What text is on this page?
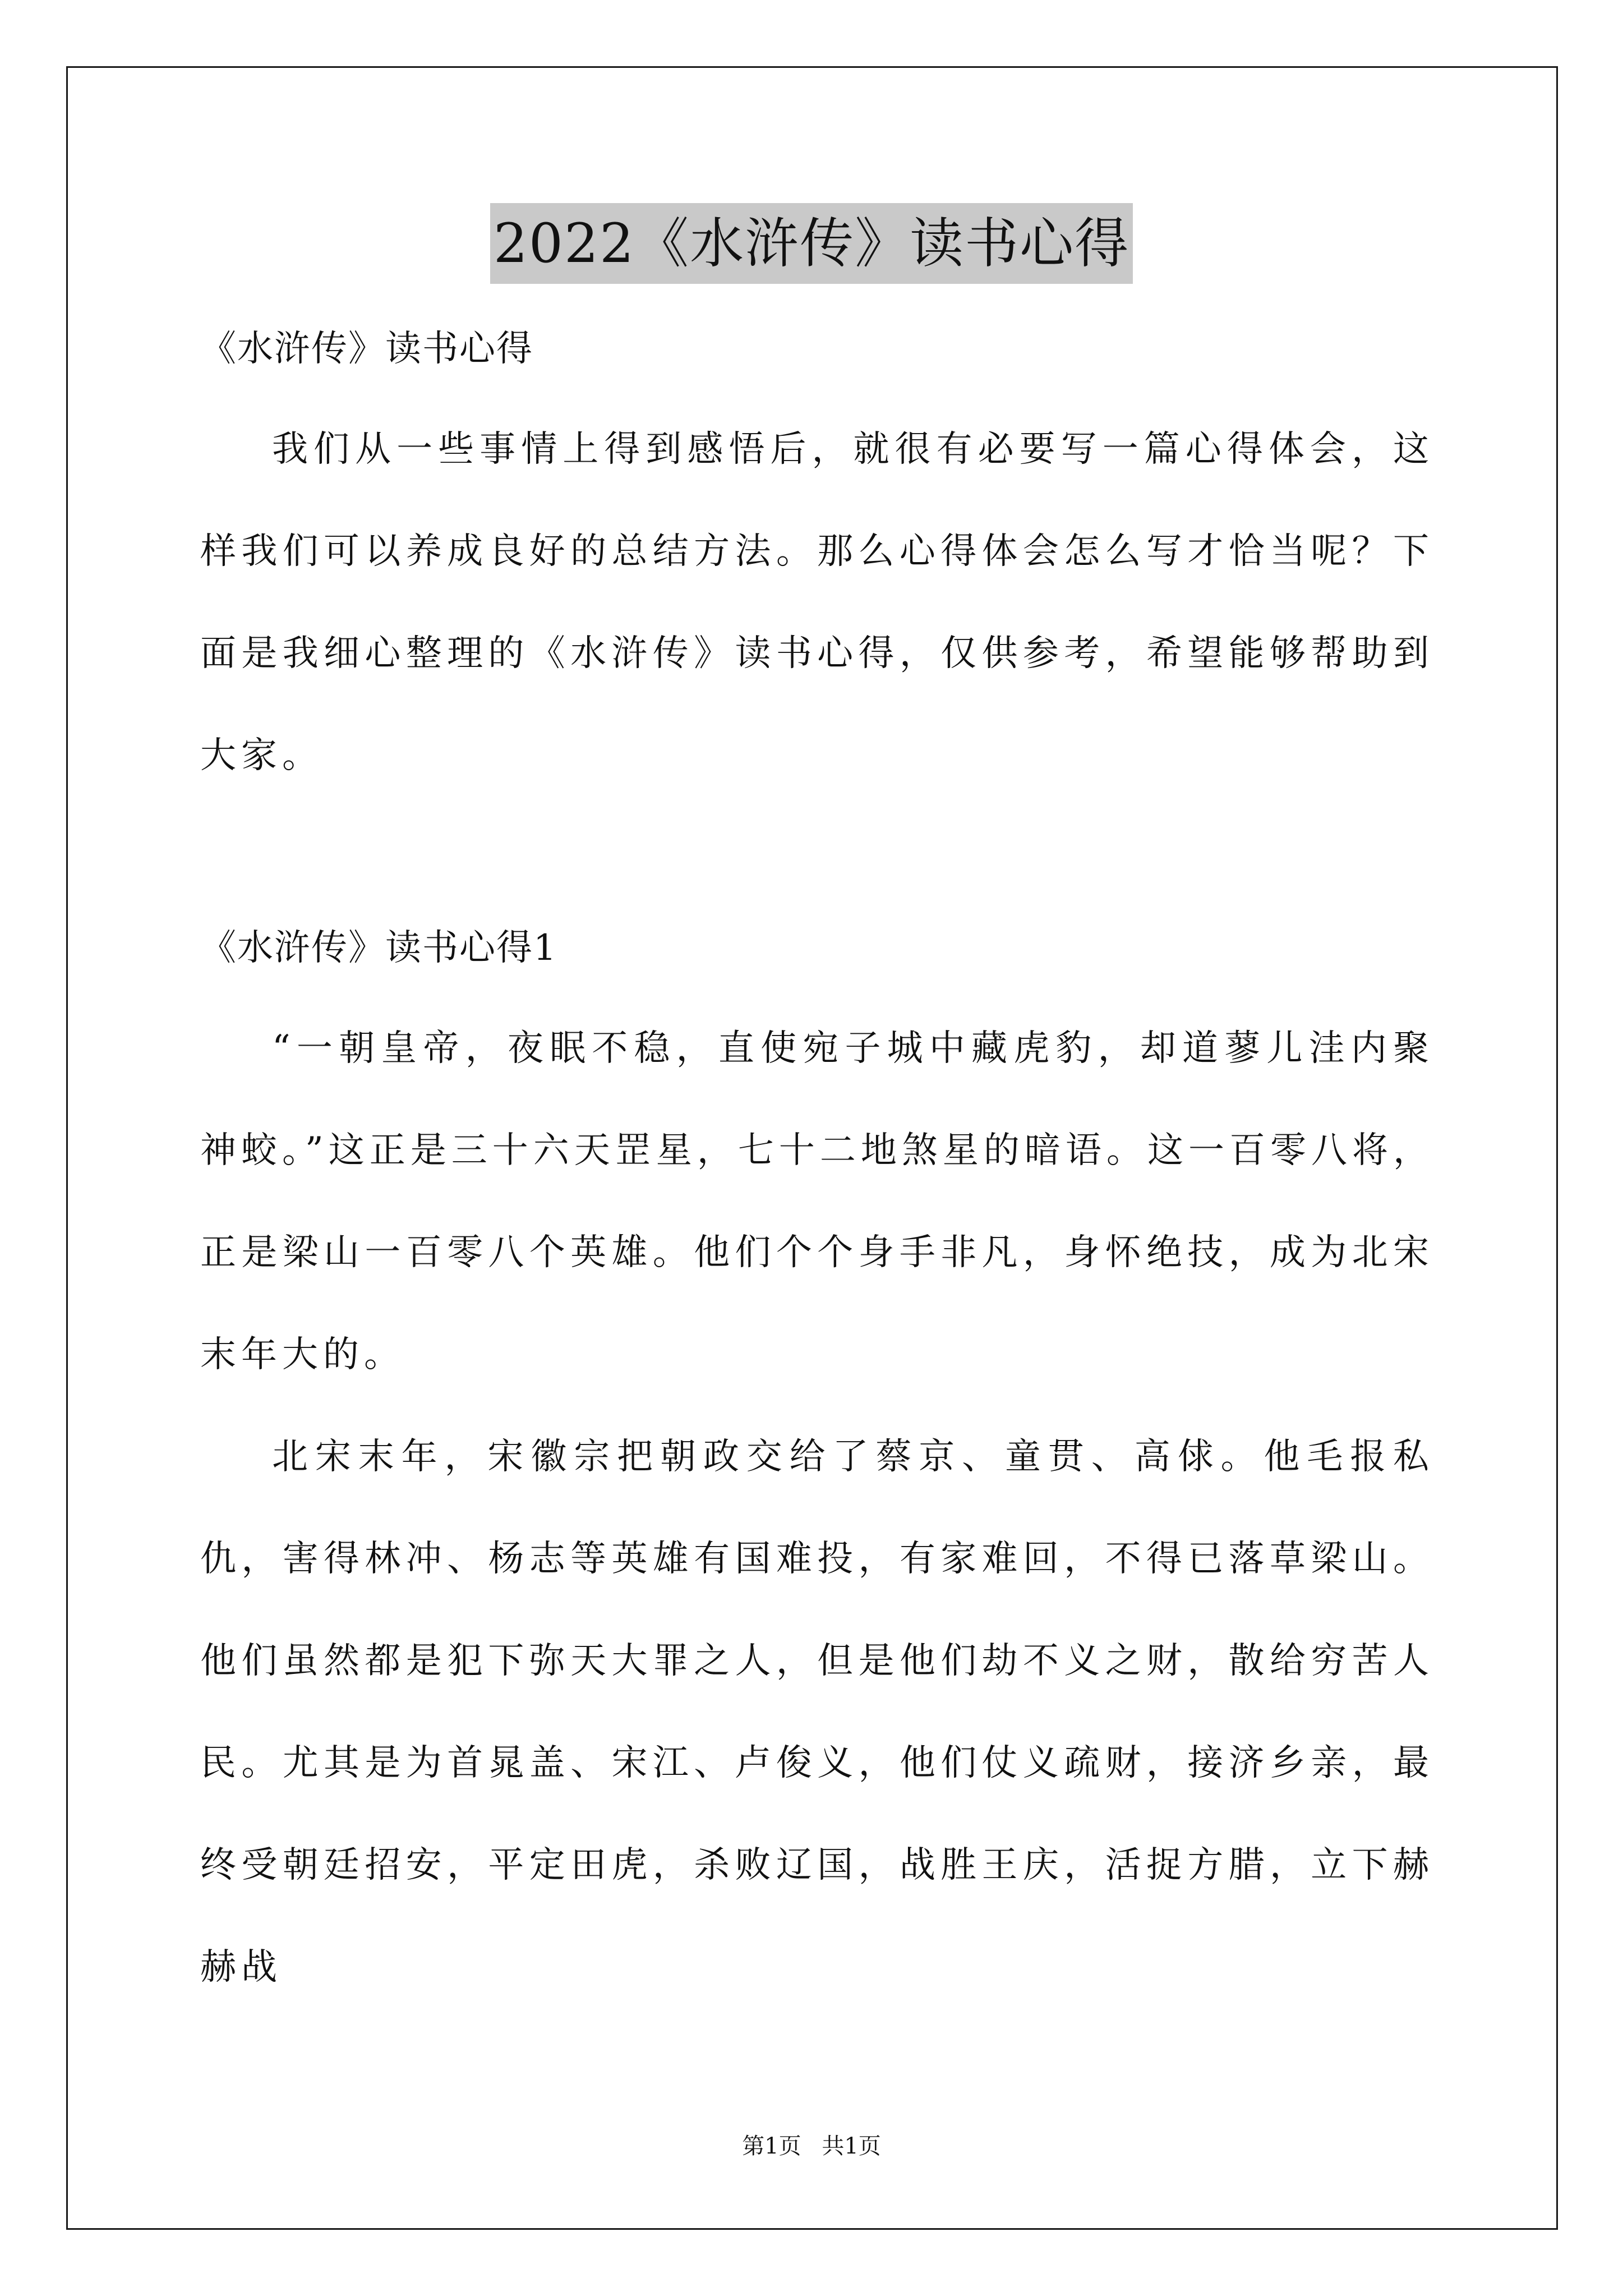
2022《水浒传》读书心得

《水浒传》读书心得

我们从一些事情上得到感悟后，就很有必要写一篇心得体会，这样我们可以养成良好的总结方法。那么心得体会怎么写才恰当呢？下面是我细心整理的《水浒传》读书心得，仅供参考，希望能够帮助到大家。

《水浒传》读书心得1

“一朝皇帝，夜眠不稳，直使宛子城中藏虎豹，却道蓼儿洼内聚神蛟。”这正是三十六天罡星，七十二地煞星的暗语。这一百零八将，正是梁山一百零八个英雄。他们个个身手非凡，身怀绝技，成为北宋末年大的。

北宋末年，宋徽宗把朝政交给了蔡京、童贯、高俅。他毛报私仇，害得林冲、杨志等英雄有国难投，有家难回，不得已落草梁山。他们虽然都是犯下弥天大罪之人，但是他们劫不义之财，散给穷苦人民。尤其是为首晁盖、宋江、卢俊义，他们仗义疏财，接济乡亲，最终受朝廷招安，平定田虎，杀败辽国，战胜王庆，活捉方腊，立下赫赫战

第1页 共1页
